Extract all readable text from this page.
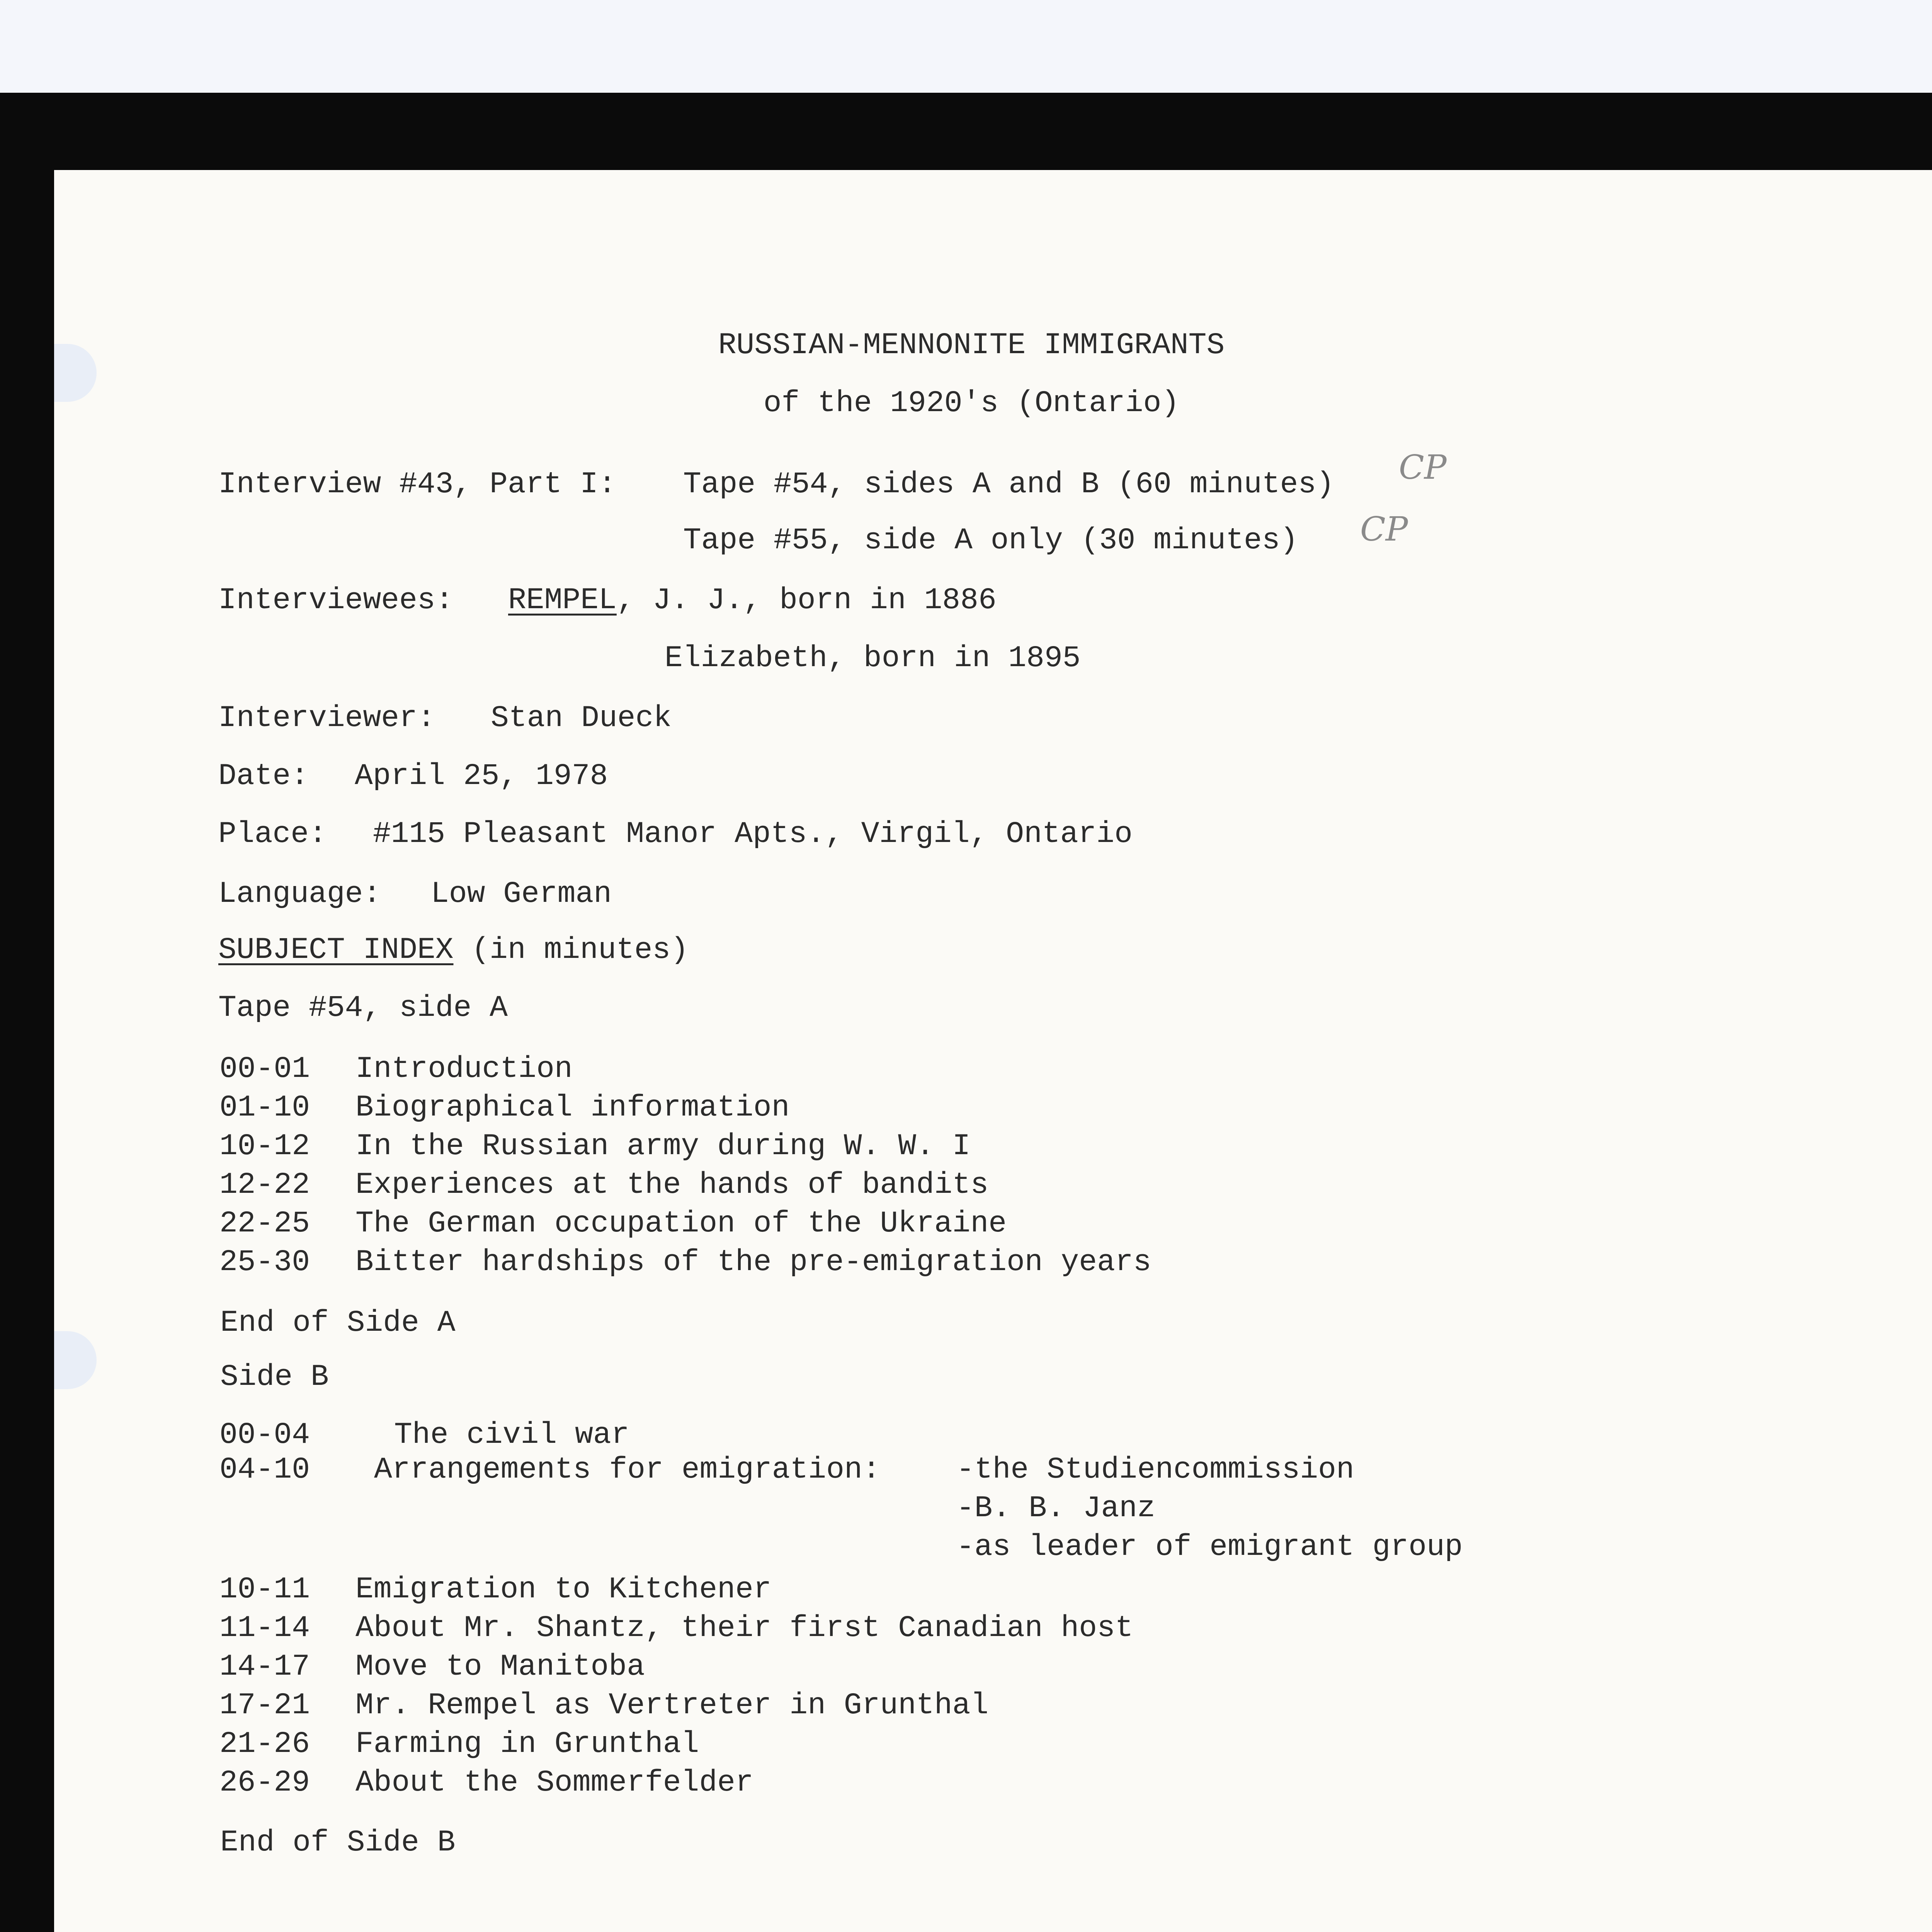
RUSSIAN-MENNONITE IMMIGRANTS
of the 1920's (Ontario)
Interview #43, Part I: Tape #54, sides A and B (60 minutes) CP
Tape #55, side A only (30 minutes) CP
Interviewees: REMPEL, J. J., born in 1886
Elizabeth, born in 1895
Interviewer: Stan Dueck
Date: April 25, 1978
Place: #115 Pleasant Manor Apts., Virgil, Ontario
Language: Low German
SUBJECT INDEX (in minutes)
Tape #54, side A
00-01 Introduction
01-10 Biographical information
10-12 In the Russian army during W. W. I
12-22 Experiences at the hands of bandits
22-25 The German occupation of the Ukraine
25-30 Bitter hardships of the pre-emigration years
End of Side A
Side B
00-04	The civil war
04-10 Arrangements for emigration:	-the Studiencommission
-B. B. Janz
-as leader of emigrant group
10-11 Emigration to Kitchener
11-14 About Mr. Shantz, their first Canadian host
14-17 Move to Manitoba
17-21 Mr. Rempel as Vertreter in Grunthal
21-26 Farming in Grunthal
26-29 About the Sommerfelder
End of Side B
